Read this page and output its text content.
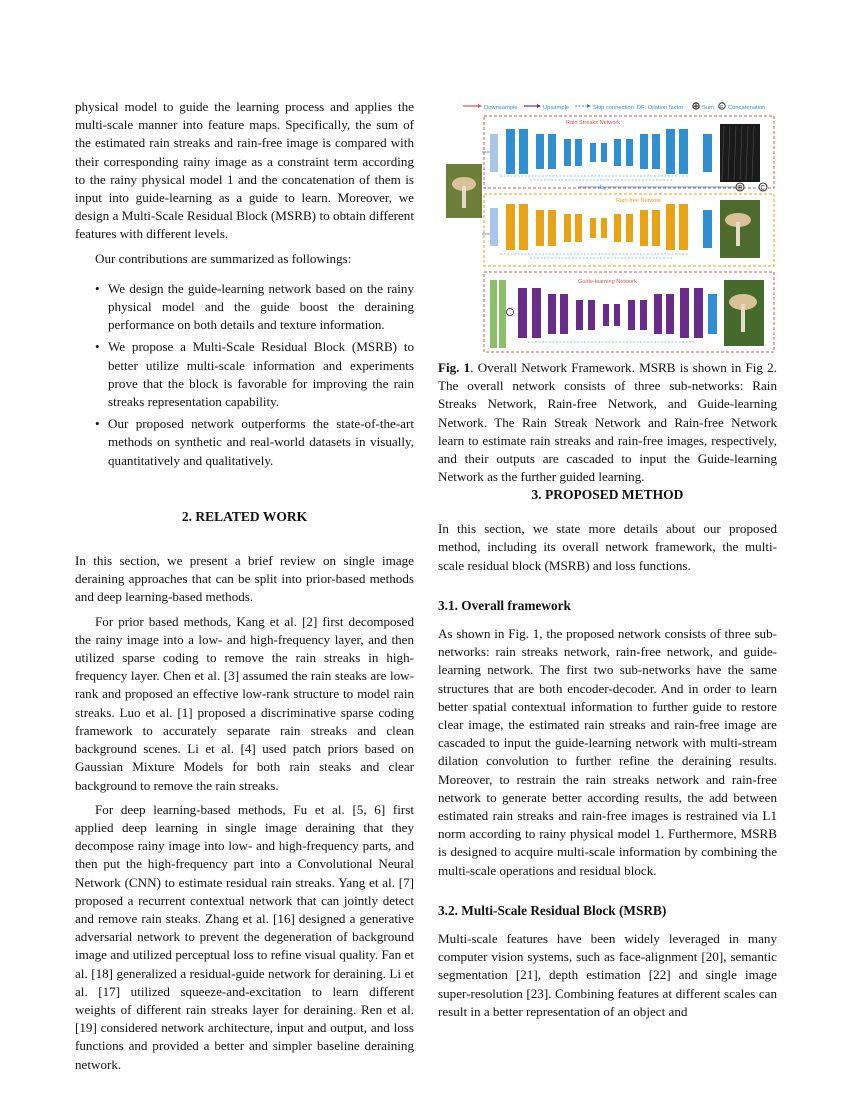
physical model to guide the learning process and applies the multi-scale manner into feature maps. Specifically, the sum of the estimated rain streaks and rain-free image is compared with their corresponding rainy image as a constraint term according to the rainy physical model 1 and the concatenation of them is input into guide-learning as a guide to learn. Moreover, we design a Multi-Scale Residual Block (MSRB) to obtain different features with different levels.

Our contributions are summarized as followings:

• We design the guide-learning network based on the rainy physical model and the guide boost the deraining performance on both details and texture information.
• We propose a Multi-Scale Residual Block (MSRB) to better utilize multi-scale information and experiments prove that the block is favorable for improving the rain streaks representation capability.
• Our proposed network outperforms the state-of-the-art methods on synthetic and real-world datasets in visually, quantitatively and qualitatively.

2. RELATED WORK

In this section, we present a brief review on single image deraining approaches that can be split into prior-based methods and deep learning-based methods.

For prior based methods, Kang et al. [2] first decomposed the rainy image into a low- and high-frequency layer, and then utilized sparse coding to remove the rain streaks in high-frequency layer. Chen et al. [3] assumed the rain steaks are low-rank and proposed an effective low-rank structure to model rain streaks. Luo et al. [1] proposed a discriminative sparse coding framework to accurately separate rain streaks and clean background scenes. Li et al. [4] used patch priors based on Gaussian Mixture Models for both rain steaks and clear background to remove the rain streaks.

For deep learning-based methods, Fu et al. [5, 6] first applied deep learning in single image deraining that they decompose rainy image into low- and high-frequency parts, and then put the high-frequency part into a Convolutional Neural Network (CNN) to estimate residual rain streaks. Yang et al. [7] proposed a recurrent contextual network that can jointly detect and remove rain steaks. Zhang et al. [16] designed a generative adversarial network to prevent the degeneration of background image and utilized perceptual loss to refine visual quality. Fan et al. [18] generalized a residual-guide network for deraining. Li et al. [17] utilized squeeze-and-excitation to learn different weights of different rain streaks layer for deraining. Ren et al. [19] considered network architecture, input and output, and loss functions and provided a better and simpler baseline deraining network.

Downsample	Upsample	Skip connection DF: Dilation factor	Sum C Concatenation
Rain Streaks Network
⊕	C
L₁
Rain-free Network
Guide-learning Network
Fig. 1. Overall Network Framework. MSRB is shown in Fig 2. The overall network consists of three sub-networks: Rain Streaks Network, Rain-free Network, and Guide-learning Network. The Rain Streak Network and Rain-free Network learn to estimate rain streaks and rain-free images, respectively, and their outputs are cascaded to input the Guide-learning Network as the further guided learning.

3. PROPOSED METHOD

In this section, we state more details about our proposed method, including its overall network framework, the multi-scale residual block (MSRB) and loss functions.

3.1. Overall framework

As shown in Fig. 1, the proposed network consists of three sub-networks: rain streaks network, rain-free network, and guide-learning network. The first two sub-networks have the same structures that are both encoder-decoder. And in order to learn better spatial contextual information to further guide to restore clear image, the estimated rain streaks and rain-free image are cascaded to input the guide-learning network with multi-stream dilation convolution to further refine the deraining results. Moreover, to restrain the rain streaks network and rain-free network to generate better according results, the add between estimated rain streaks and rain-free images is restrained via L1 norm according to rainy physical model 1. Furthermore, MSRB is designed to acquire multi-scale information by combining the multi-scale operations and residual block.

3.2. Multi-Scale Residual Block (MSRB)

Multi-scale features have been widely leveraged in many computer vision systems, such as face-alignment [20], semantic segmentation [21], depth estimation [22] and single image super-resolution [23]. Combining features at different scales can result in a better representation of an object and
